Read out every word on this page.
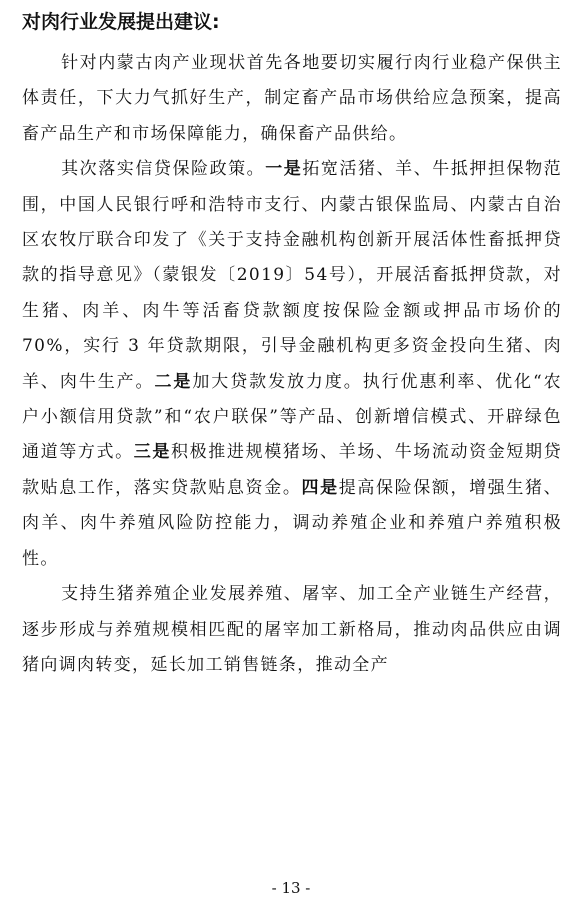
对肉行业发展提出建议:

针对内蒙古肉产业现状首先各地要切实履行肉行业稳产保供主体责任，下大力气抓好生产，制定畜产品市场供给应急预案，提高畜产品生产和市场保障能力，确保畜产品供给。

其次落实信贷保险政策。一是拓宽活猪、羊、牛抵押担保物范围，中国人民银行呼和浩特市支行、内蒙古银保监局、内蒙古自治区农牧厅联合印发了《关于支持金融机构创新开展活体性畜抵押贷款的指导意见》（蒙银发〔2019〕54号），开展活畜抵押贷款，对生猪、肉羊、肉牛等活畜贷款额度按保险金额或押品市场价的 70%，实行 3 年贷款期限，引导金融机构更多资金投向生猪、肉羊、肉牛生产。二是加大贷款发放力度。执行优惠利率、优化“农户小额信用贷款”和“农户联保”等产品、创新增信模式、开辟绿色通道等方式。三是积极推进规模猪场、羊场、牛场流动资金短期贷款贴息工作，落实贷款贴息资金。四是提高保险保额，增强生猪、肉羊、肉牛养殖风险防控能力，调动养殖企业和养殖户养殖积极性。

支持生猪养殖企业发展养殖、屠宰、加工全产业链生产经营，逐步形成与养殖规模相匹配的屠宰加工新格局，推动肉品供应由调猪向调肉转变，延长加工销售链条，推动全产

- 13 -
